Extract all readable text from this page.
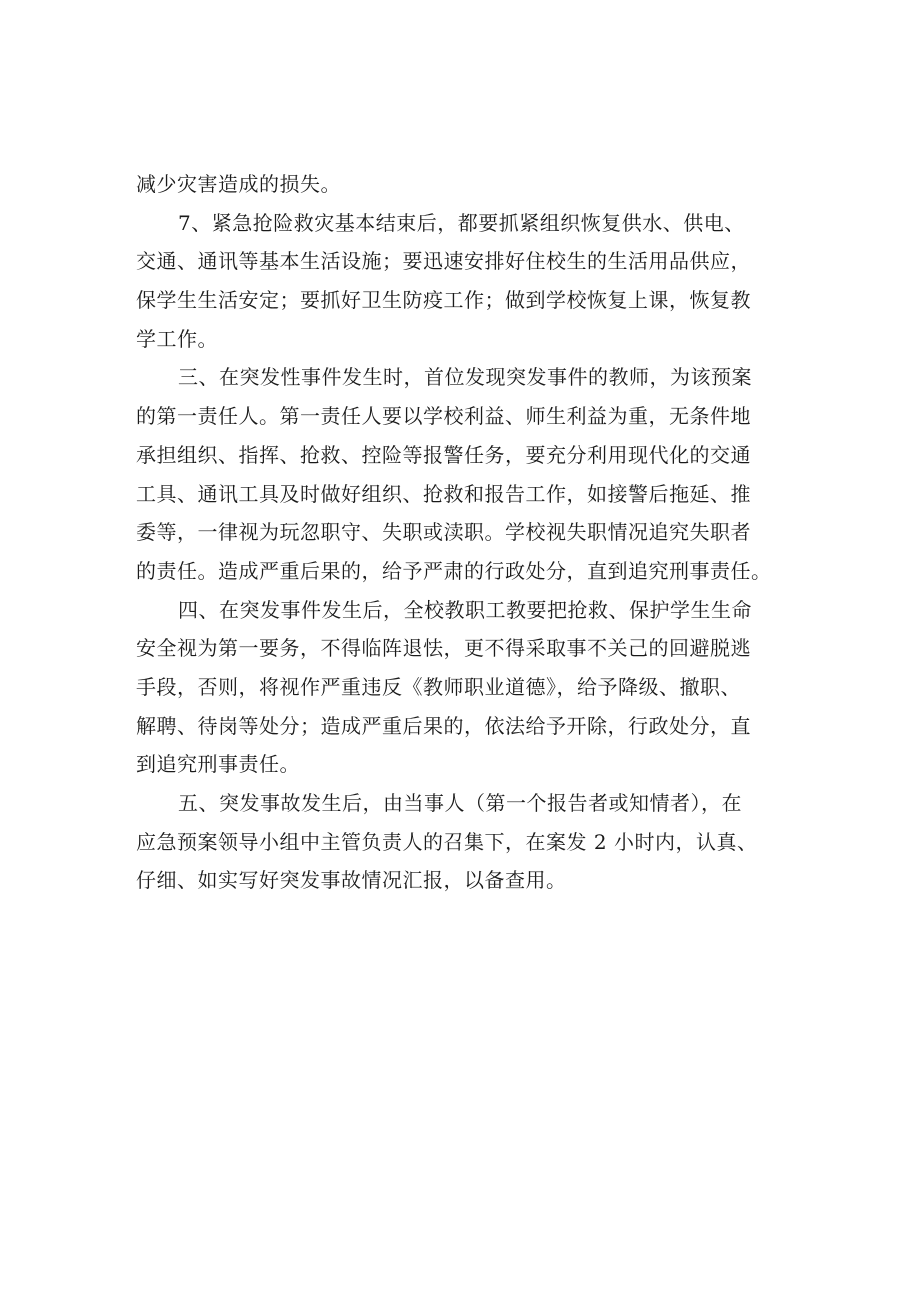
减少灾害造成的损失。
7、紧急抢险救灾基本结束后，都要抓紧组织恢复供水、供电、
交通、通讯等基本生活设施；要迅速安排好住校生的生活用品供应，
保学生生活安定；要抓好卫生防疫工作；做到学校恢复上课，恢复教
学工作。
三、在突发性事件发生时，首位发现突发事件的教师，为该预案
的第一责任人。第一责任人要以学校利益、师生利益为重，无条件地
承担组织、指挥、抢救、控险等报警任务，要充分利用现代化的交通
工具、通讯工具及时做好组织、抢救和报告工作，如接警后拖延、推
委等，一律视为玩忽职守、失职或渎职。学校视失职情况追究失职者
的责任。造成严重后果的，给予严肃的行政处分，直到追究刑事责任。
四、在突发事件发生后，全校教职工教要把抢救、保护学生生命
安全视为第一要务，不得临阵退怯，更不得采取事不关己的回避脱逃
手段，否则，将视作严重违反《教师职业道德》，给予降级、撤职、
解聘、待岗等处分；造成严重后果的，依法给予开除，行政处分，直
到追究刑事责任。
五、突发事故发生后，由当事人（第一个报告者或知情者），在
应急预案领导小组中主管负责人的召集下，在案发 2 小时内，认真、
仔细、如实写好突发事故情况汇报，以备查用。
